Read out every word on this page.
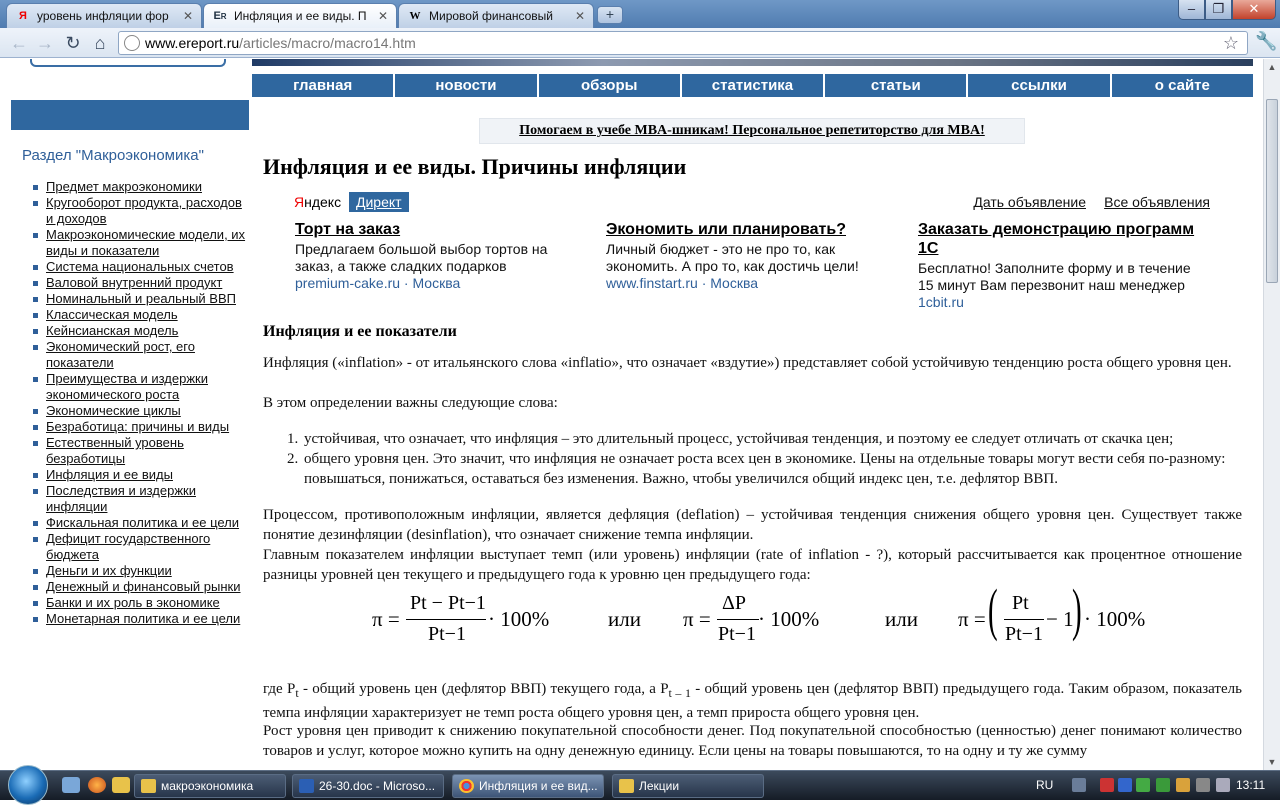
Я уровень инфляции фор	✕ E R Инфляция и ее виды. П ✕ W Мировой финансовый	✕	+	–	❐	✕
← → ↻ ⌂	www.ereport.ru/articles/macro/macro14.htm	☆ 🔧
главная	новости	обзоры	статистика	статьи	ссылки	о сайте
Раздел "Макроэкономика"
Предмет макроэкономики
Кругооборот продукта, расходов и доходов
Макроэкономические модели, их виды и показатели
Система национальных счетов
Валовой внутренний продукт
Номинальный и реальный ВВП
Классическая модель
Кейнсианская модель
Экономический рост, его показатели
Преимущества и издержки экономического роста
Экономические циклы
Безработица: причины и виды
Естественный уровень безработицы
Инфляция и ее виды
Последствия и издержки инфляции
Фискальная политика и ее цели
Дефицит государственного бюджета
Деньги и их функции
Денежный и финансовый рынки
Банки и их роль в экономике
Монетарная политика и ее цели
Помогаем в учебе MBA-шникам! Персональное репетиторство для MBA!
Инфляция и ее виды. Причины инфляции
Яндекс	Директ	Дать объявление Все объявления
Торт на заказ
Предлагаем большой выбор тортов на заказ, а также сладких подарков
premium-cake.ru · Москва
Экономить или планировать?
Личный бюджет - это не про то, как экономить. А про то, как достичь цели!
www.finstart.ru · Москва
Заказать демонстрацию программ 1С
Бесплатно! Заполните форму и в течение 15 минут Вам перезвонит наш менеджер
1cbit.ru
Инфляция и ее показатели

Инфляция («inflation» - от итальянского слова «inflatio», что означает «вздутие») представляет собой устойчивую тенденцию роста общего уровня цен.

В этом определении важны следующие слова:

1. устойчивая, что означает, что инфляция – это длительный процесс, устойчивая тенденция, и поэтому ее следует отличать от скачка цен;
2. общего уровня цен. Это значит, что инфляция не означает роста всех цен в экономике. Цены на отдельные товары могут вести себя по-разному: повышаться, понижаться, оставаться без изменения. Важно, чтобы увеличился общий индекс цен, т.е. дефлятор ВВП.

Процессом, противоположным инфляции, является дефляция (deflation) – устойчивая тенденция снижения общего уровня цен. Существует также понятие дезинфляции (desinflation), что означает снижение темпа инфляции.

Главным показателем инфляции выступает темп (или уровень) инфляции (rate of inflation - ?), который рассчитывается как процентное отношение разницы уровней цен текущего и предыдущего года к уровню цен предыдущего года:

π =
Pt − Pt−1
Pt−1
· 100%	или π =
ΔP
Pt−1
· 100%	или π = ( Pt
Pt−1
− 1
) · 100%

где $P_t$ - общий уровень цен (дефлятор ВВП) текущего года, а $P_{t - 1}$ - общий уровень цен (дефлятор ВВП) предыдущего года. Таким образом, показатель темпа инфляции характеризует не темп роста общего уровня цен, а темп прироста общего уровня цен.

Рост уровня цен приводит к снижению покупательной способности денег. Под покупательной способностью (ценностью) денег понимают количество товаров и услуг, которое можно купить на одну денежную единицу. Если цены на товары повышаются, то на одну и ту же сумму

▲
▼
макроэкономика	26-30.doc - Microso...	Инфляция и ее вид...	Лекции	RU	13:11
